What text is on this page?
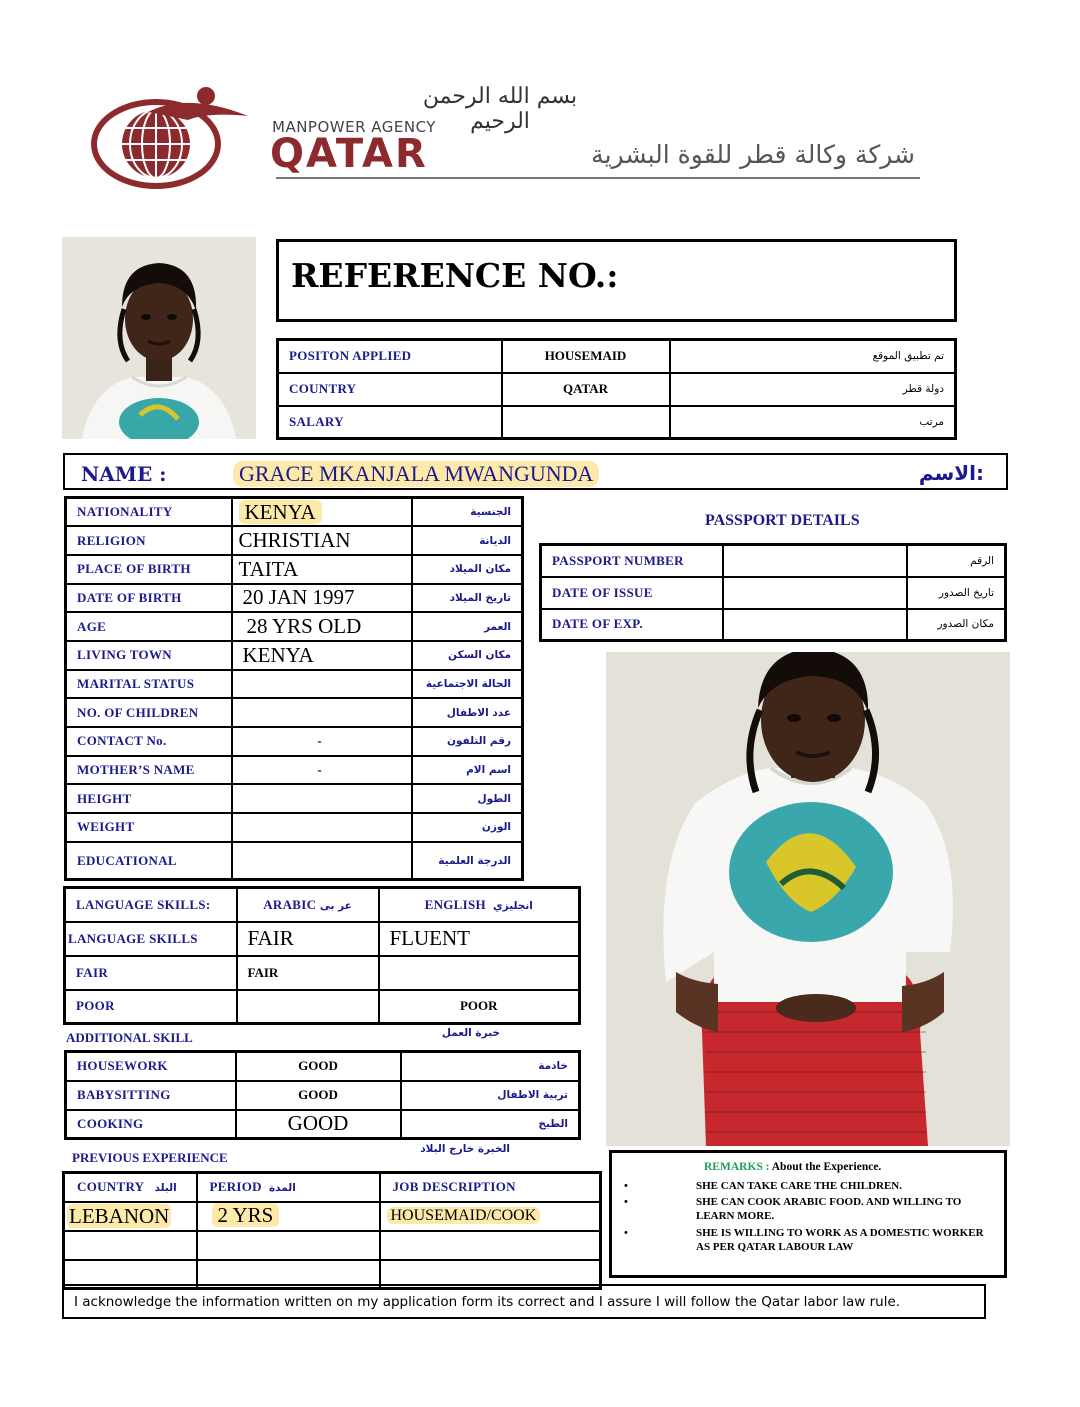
بسم الله الرحمن الرحيم
MANPOWER AGENCY
QATAR	شركة وكالة قطر للقوة البشرية
REFERENCE NO.:
POSITON APPLIED	HOUSEMAID	تم تطبيق الموقع
COUNTRY	QATAR	دولة قطر
SALARY		مرتب
NAME :	GRACE MKANJALA MWANGUNDA	:الاسم
NATIONALITY	KENYA	الجنسية
RELIGION	CHRISTIAN	الديانة
PLACE OF BIRTH	TAITA	مكان الميلاد
DATE OF BIRTH	20 JAN 1997	تاريخ الميلاد
AGE	28 YRS OLD	العمر
LIVING TOWN	KENYA	مكان السكن
MARITAL STATUS		الحالة الاجتماعية
NO. OF CHILDREN		عدد الاطفال
CONTACT No.	-	رقم التلفون
MOTHER’S NAME	-	اسم الام
HEIGHT		الطول
WEIGHT		الوزن
EDUCATIONAL		الدرجة العلمية
PASSPORT DETAILS
PASSPORT NUMBER		الرقم
DATE OF ISSUE		تاريخ الصدور
DATE OF EXP.		مكان الصدور
LANGUAGE SKILLS:	ARABIC عر بى	ENGLISH انجليزي
LANGUAGE SKILLS	FAIR	FLUENT
FAIR	FAIR	
POOR		POOR
ADDITIONAL SKILL	خبرة العمل
HOUSEWORK	GOOD	خادمة
BABYSITTING	GOOD	تربية الاطفال
COOKING	GOOD	الطبخ
PREVIOUS EXPERIENCE
الخبرة خارج البلاد
COUNTRY البلد	PERIOD المدة	JOB DESCRIPTION
LEBANON	2 YRS	HOUSEMAID/COOK

REMARKS : About the Experience.
•	SHE CAN TAKE CARE THE CHILDREN.
•	SHE CAN COOK ARABIC FOOD. AND WILLING TO LEARN MORE.
•	SHE IS WILLING TO WORK AS A DOMESTIC WORKER AS PER QATAR LABOUR LAW
I acknowledge the information written on my application form its correct and I assure I will follow the Qatar labor law rule.
